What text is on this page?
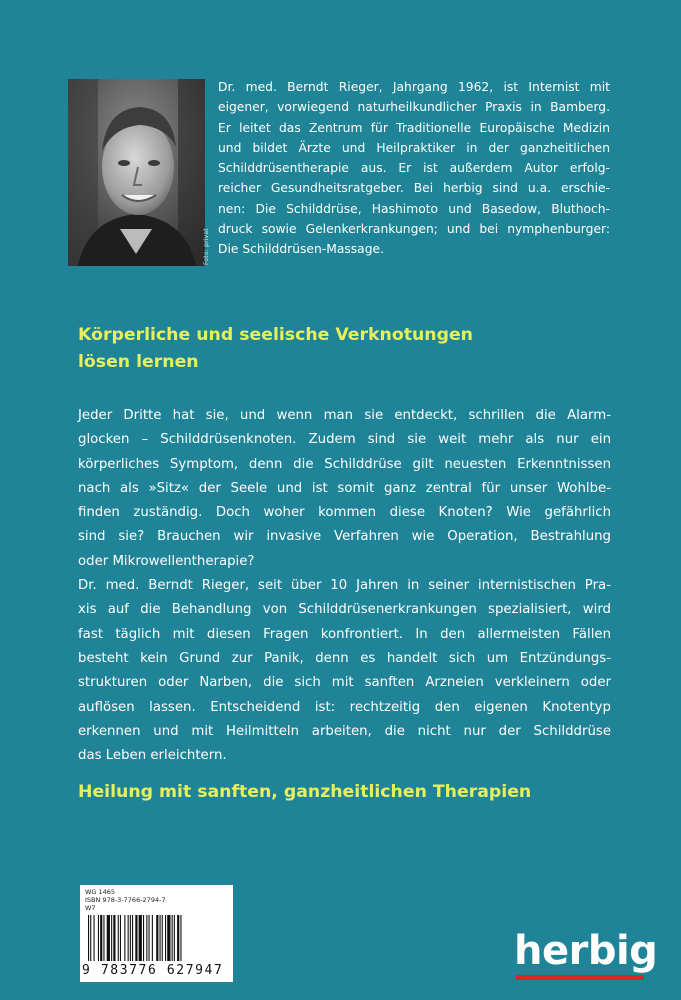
Foto: privat

Dr. med. Berndt Rieger, Jahrgang 1962, ist Internist mit

eigener, vorwiegend naturheilkundlicher Praxis in Bamberg.

Er leitet das Zentrum für Traditionelle Europäische Medizin

und bildet Ärzte und Heilpraktiker in der ganzheitlichen

Schilddrüsentherapie aus. Er ist außerdem Autor erfolg-

reicher Gesundheitsratgeber. Bei herbig sind u.a. erschie-

nen: Die Schilddrüse, Hashimoto und Basedow, Bluthoch-

druck sowie Gelenkerkrankungen; und bei nymphenburger:

Die Schilddrüsen-Massage.

Körperliche und seelische Verknotungen
lösen lernen

Jeder Dritte hat sie, und wenn man sie entdeckt, schrillen die Alarm-

glocken – Schilddrüsenknoten. Zudem sind sie weit mehr als nur ein

körperliches Symptom, denn die Schilddrüse gilt neuesten Erkenntnissen

nach als »Sitz« der Seele und ist somit ganz zentral für unser Wohlbe-

finden zuständig. Doch woher kommen diese Knoten? Wie gefährlich

sind sie? Brauchen wir invasive Verfahren wie Operation, Bestrahlung

oder Mikrowellentherapie?

Dr. med. Berndt Rieger, seit über 10 Jahren in seiner internistischen Pra-

xis auf die Behandlung von Schilddrüsenerkrankungen spezialisiert, wird

fast täglich mit diesen Fragen konfrontiert. In den allermeisten Fällen

besteht kein Grund zur Panik, denn es handelt sich um Entzündungs-

strukturen oder Narben, die sich mit sanften Arzneien verkleinern oder

auflösen lassen. Entscheidend ist: rechtzeitig den eigenen Knotentyp

erkennen und mit Heilmitteln arbeiten, die nicht nur der Schilddrüse

das Leben erleichtern.

Heilung mit sanften, ganzheitlichen Therapien

WG 1465

ISBN 978-3-7766-2794-7

W7

9 783776 627947	herbig
